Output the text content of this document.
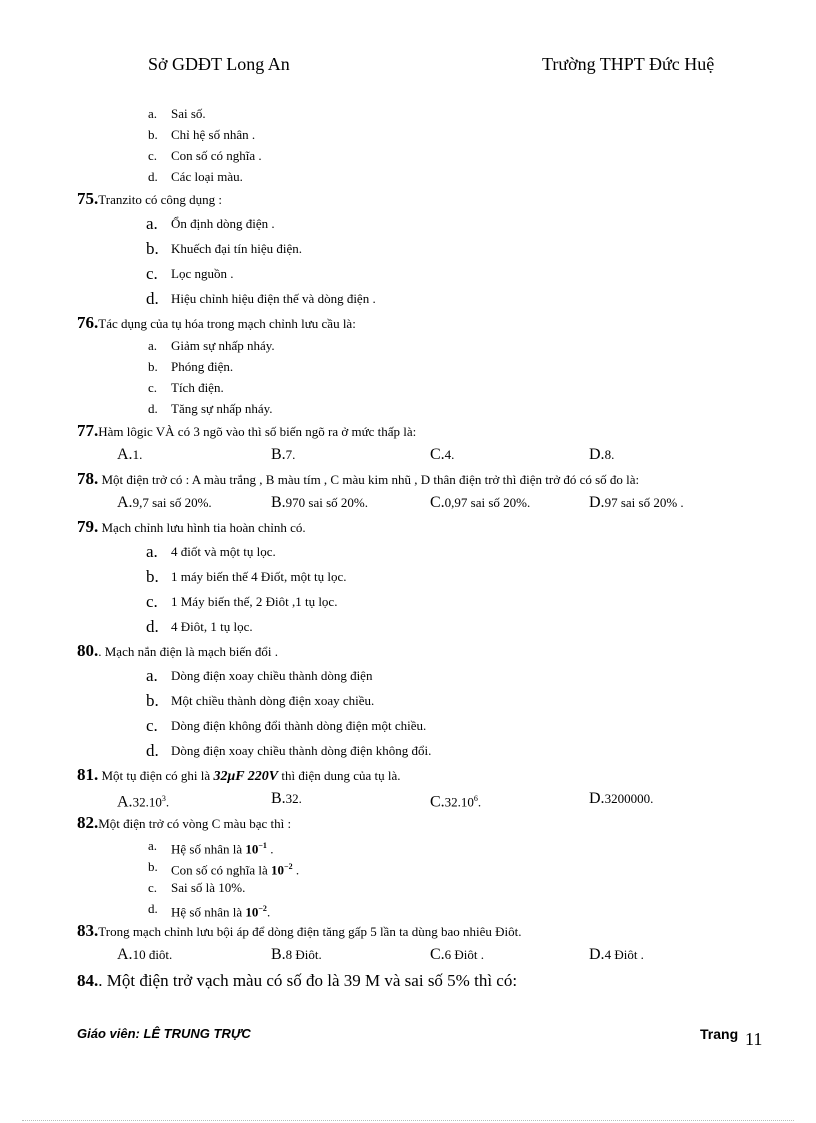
Sở GDĐT Long An	Trường THPT Đức Huệ
a. Sai số.
b. Chỉ hệ số nhân .
c. Con số có nghĩa .
d. Các loại màu.
75.Tranzito có công dụng :
a. Ổn định dòng điện .
b. Khuếch đại tín hiệu điện.
c. Lọc nguồn .
d. Hiệu chỉnh hiệu điện thế và dòng điện .
76.Tác dụng của tụ hóa trong mạch chỉnh lưu cầu là:
a. Giảm sự nhấp nháy.
b. Phóng điện.
c. Tích điện.
d. Tăng sự nhấp nháy.
77.Hàm lôgic VÀ có 3 ngõ vào thì số biến ngõ ra ở mức thấp là:
A.1.	B.7.	C.4.	D.8.
78. Một điện trở có : A màu trắng , B màu tím , C màu kim nhũ , D thân điện trở thì điện trở đó có số đo là:
A.9,7 sai số 20%.	B.970 sai số 20%.	C.0,97 sai số 20%.	D.97 sai số 20% .
79. Mạch chỉnh lưu hình tia hoàn chỉnh có.
a. 4 điốt và một tụ lọc.
b. 1 máy biến thế 4 Điốt, một tụ lọc.
c. 1 Máy biến thế, 2 Điôt ,1 tụ lọc.
d. 4 Điôt, 1 tụ lọc.
80.. Mạch nắn điện là mạch biến đổi .
a. Dòng điện xoay chiều thành dòng điện
b. Một chiều thành dòng điện xoay chiều.
c. Dòng điện không đổi thành dòng điện một chiều.
d. Dòng điện xoay chiều thành dòng điện không đổi.
81. Một tụ điện có ghi là 32μF 220V thì điện dung của tụ là.
A.32.10$^3$.	B.32.	C.32.10$^6$.	D.3200000.
82.Một điện trở có vòng C màu bạc thì :
a. Hệ số nhân là $10^{-1}$ .
b. Con số có nghĩa là $10^{-2}$ .
c. Sai số là 10%.
d. Hệ số nhân là $10^{-2}$.
83.Trong mạch chỉnh lưu bội áp để dòng điện tăng gấp 5 lần ta dùng bao nhiêu Điôt.
A.10 điôt.	B.8 Điôt.	C.6 Điôt .	D.4 Điôt .
84.. Một điện trở vạch màu có số đo là 39 M và sai số 5% thì có:
Giáo viên: LÊ TRUNG TRỰC	Trang 11
